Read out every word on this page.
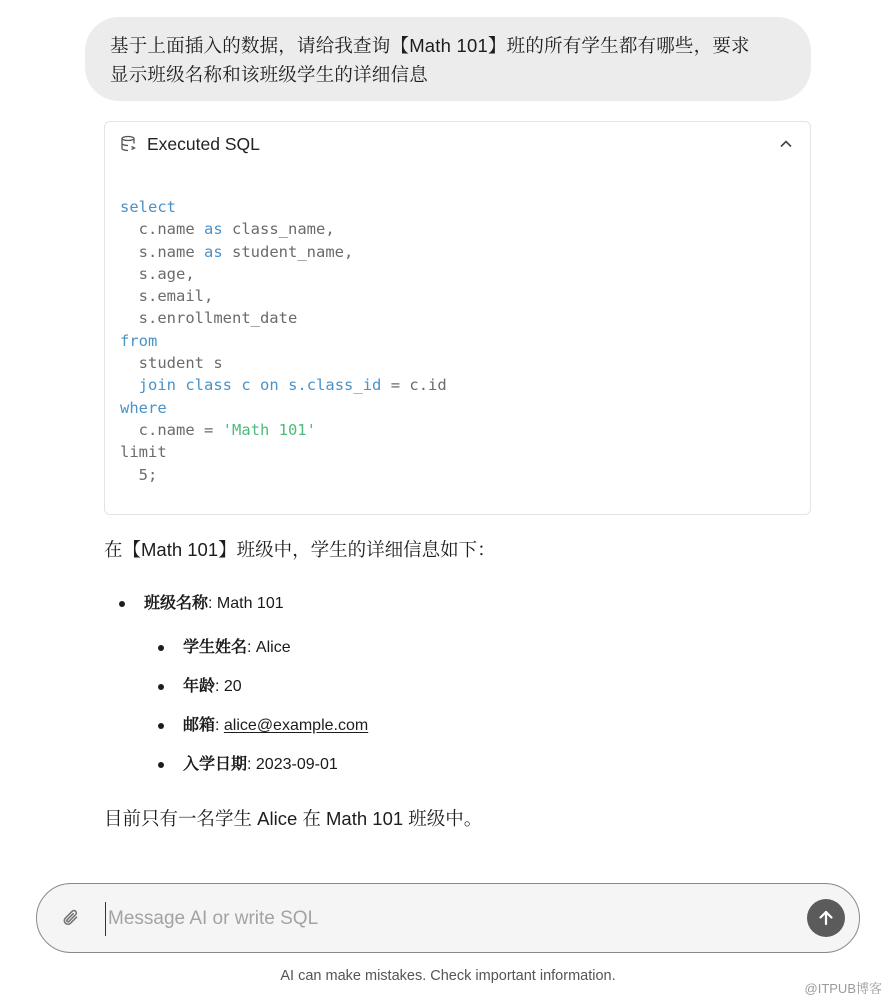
基于上面插入的数据，请给我查询【Math 101】班的所有学生都有哪些，要求
显示班级名称和该班级学生的详细信息
Executed SQL
select
c.name as class_name,
s.name as student_name,
s.age,
s.email,
s.enrollment_date
from
student s
join class c on s.class_id = c.id
where
c.name = 'Math 101'
limit
5;
在【Math 101】班级中，学生的详细信息如下：
班级名称: Math 101
学生姓名: Alice
年龄: 20
邮箱: alice@example.com
入学日期: 2023-09-01
目前只有一名学生 Alice 在 Math 101 班级中。
Message AI or write SQL
AI can make mistakes. Check important information.
@ITPUB博客
